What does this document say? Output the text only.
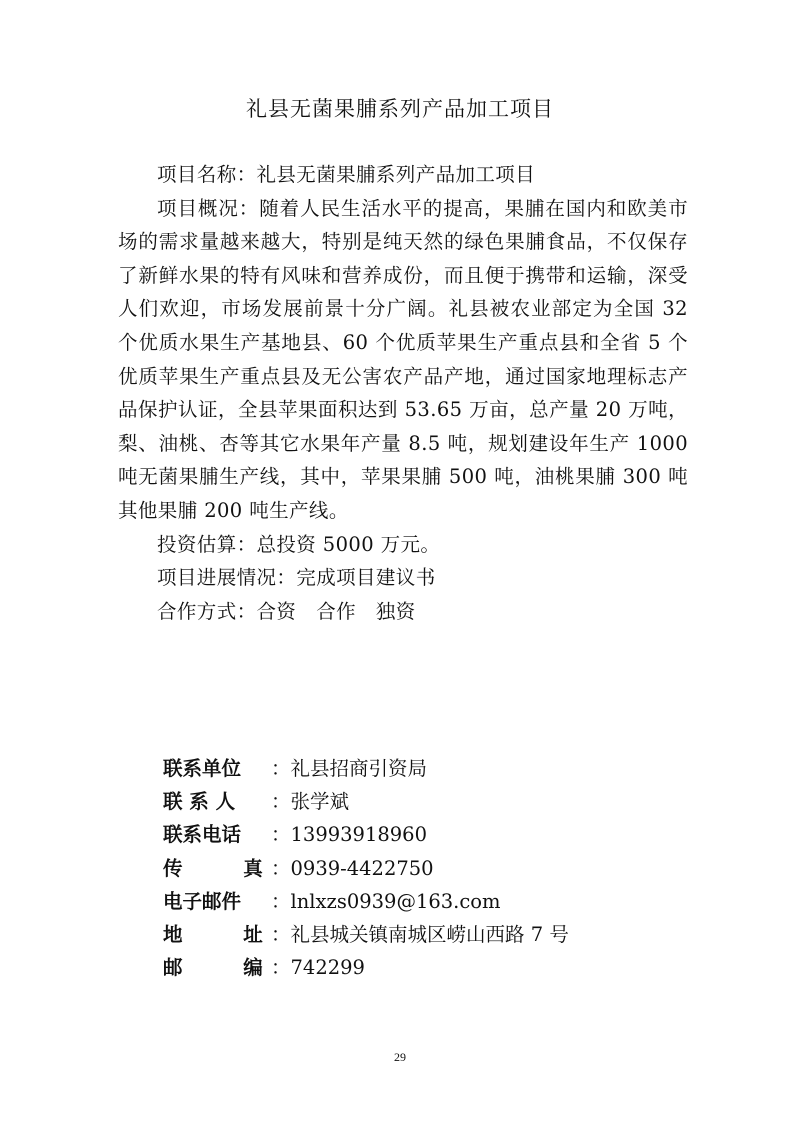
礼县无菌果脯系列产品加工项目

项目名称：礼县无菌果脯系列产品加工项目

项目概况：随着人民生活水平的提高，果脯在国内和欧美市场的需求量越来越大，特别是纯天然的绿色果脯食品，不仅保存了新鲜水果的特有风味和营养成份，而且便于携带和运输，深受人们欢迎，市场发展前景十分广阔。礼县被农业部定为全国 32 个优质水果生产基地县、60 个优质苹果生产重点县和全省 5 个优质苹果生产重点县及无公害农产品产地，通过国家地理标志产品保护认证，全县苹果面积达到 53.65 万亩，总产量 20 万吨，梨、油桃、杏等其它水果年产量 8.5 吨，规划建设年生产 1000 吨无菌果脯生产线，其中，苹果果脯 500 吨，油桃果脯 300 吨其他果脯 200 吨生产线。

投资估算：总投资 5000 万元。

项目进展情况：完成项目建议书

合作方式：合资　合作　独资

联系单位 ：礼县招商引资局
联 系 人 ：张学斌
联系电话 ：13993918960
传 真 ：0939-4422750
电子邮件 ：lnlxzs0939@163.com
地 址 ：礼县城关镇南城区崂山西路 7 号
邮 编 ：742299
29
